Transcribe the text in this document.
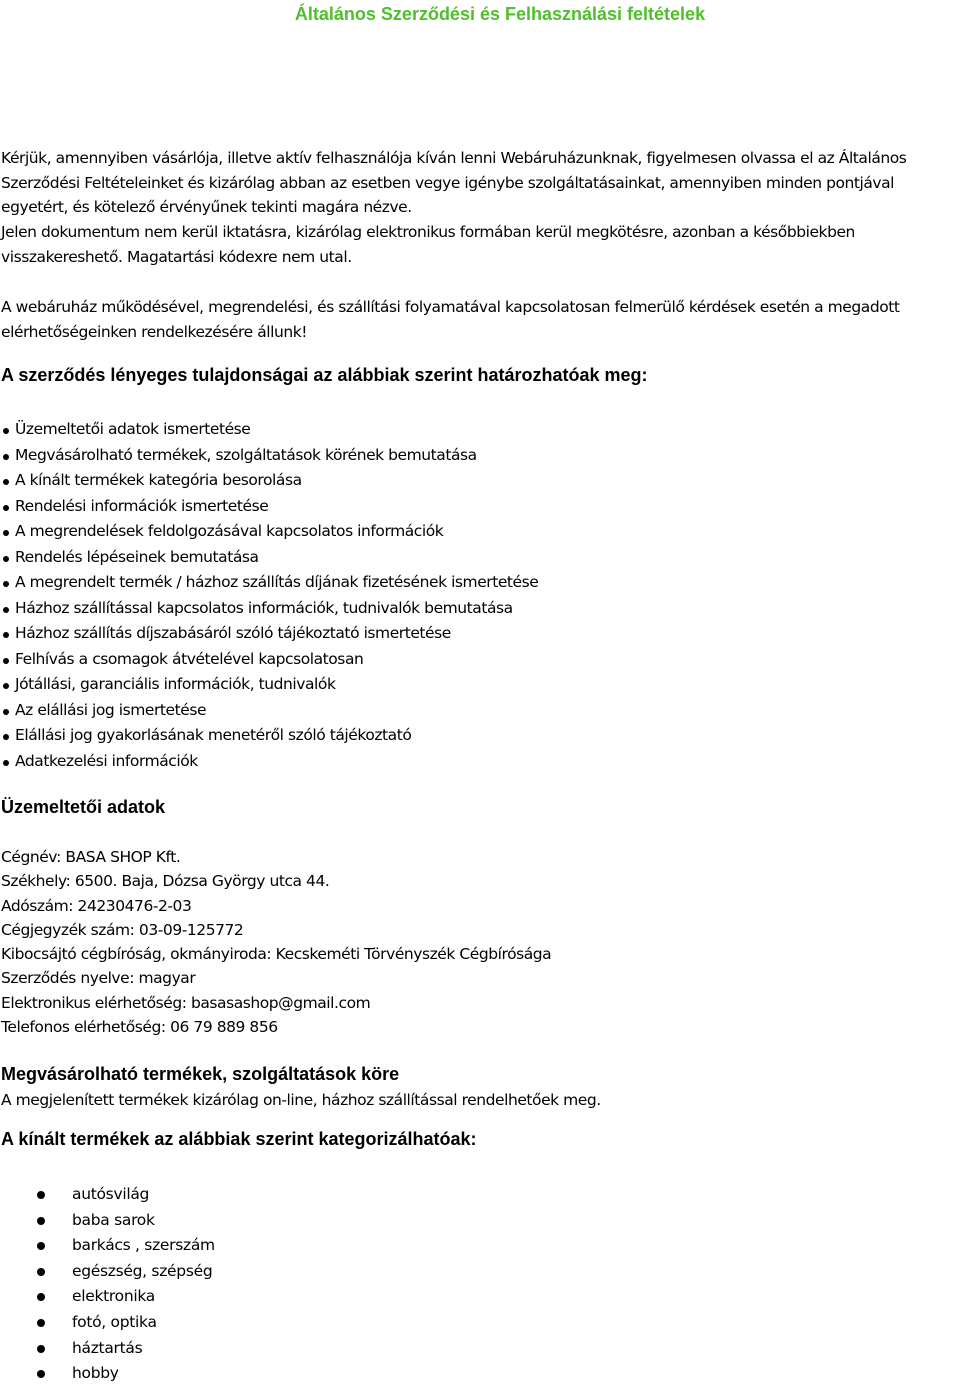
Általános Szerződési és Felhasználási feltételek

Kérjük, amennyiben vásárlója, illetve aktív felhasználója kíván lenni Webáruházunknak, figyelmesen olvassa el az Általános Szerződési Feltételeinket és kizárólag abban az esetben vegye igénybe szolgáltatásainkat, amennyiben minden pontjával egyetért, és kötelező érvényűnek tekinti magára nézve.

Jelen dokumentum nem kerül iktatásra, kizárólag elektronikus formában kerül megkötésre, azonban a későbbiekben visszakereshető. Magatartási kódexre nem utal.

A webáruház működésével, megrendelési, és szállítási folyamatával kapcsolatosan felmerülő kérdések esetén a megadott elérhetőségeinken rendelkezésére állunk!

A szerződés lényeges tulajdonságai az alábbiak szerint határozhatóak meg:
Üzemeltetői adatok ismertetése
Megvásárolható termékek, szolgáltatások körének bemutatása
A kínált termékek kategória besorolása
Rendelési információk ismertetése
A megrendelések feldolgozásával kapcsolatos információk
Rendelés lépéseinek bemutatása
A megrendelt termék / házhoz szállítás díjának fizetésének ismertetése
Házhoz szállítással kapcsolatos információk, tudnivalók bemutatása
Házhoz szállítás díjszabásáról szóló tájékoztató ismertetése
Felhívás a csomagok átvételével kapcsolatosan
Jótállási, garanciális információk, tudnivalók
Az elállási jog ismertetése
Elállási jog gyakorlásának menetéről szóló tájékoztató
Adatkezelési információk
Üzemeltetői adatok
Cégnév: BASA SHOP Kft.
Székhely: 6500. Baja, Dózsa György utca 44.
Adószám: 24230476-2-03
Cégjegyzék szám: 03-09-125772
Kibocsájtó cégbíróság, okmányiroda: Kecskeméti Törvényszék Cégbírósága
Szerződés nyelve: magyar
Elektronikus elérhetőség: basasashop@gmail.com
Telefonos elérhetőség: 06 79 889 856
Megvásárolható termékek, szolgáltatások köre
A megjelenített termékek kizárólag on-line, házhoz szállítással rendelhetőek meg.
A kínált termékek az alábbiak szerint kategorizálhatóak:
autósvilág
baba sarok
barkács , szerszám
egészség, szépség
elektronika
fotó, optika
háztartás
hobby
